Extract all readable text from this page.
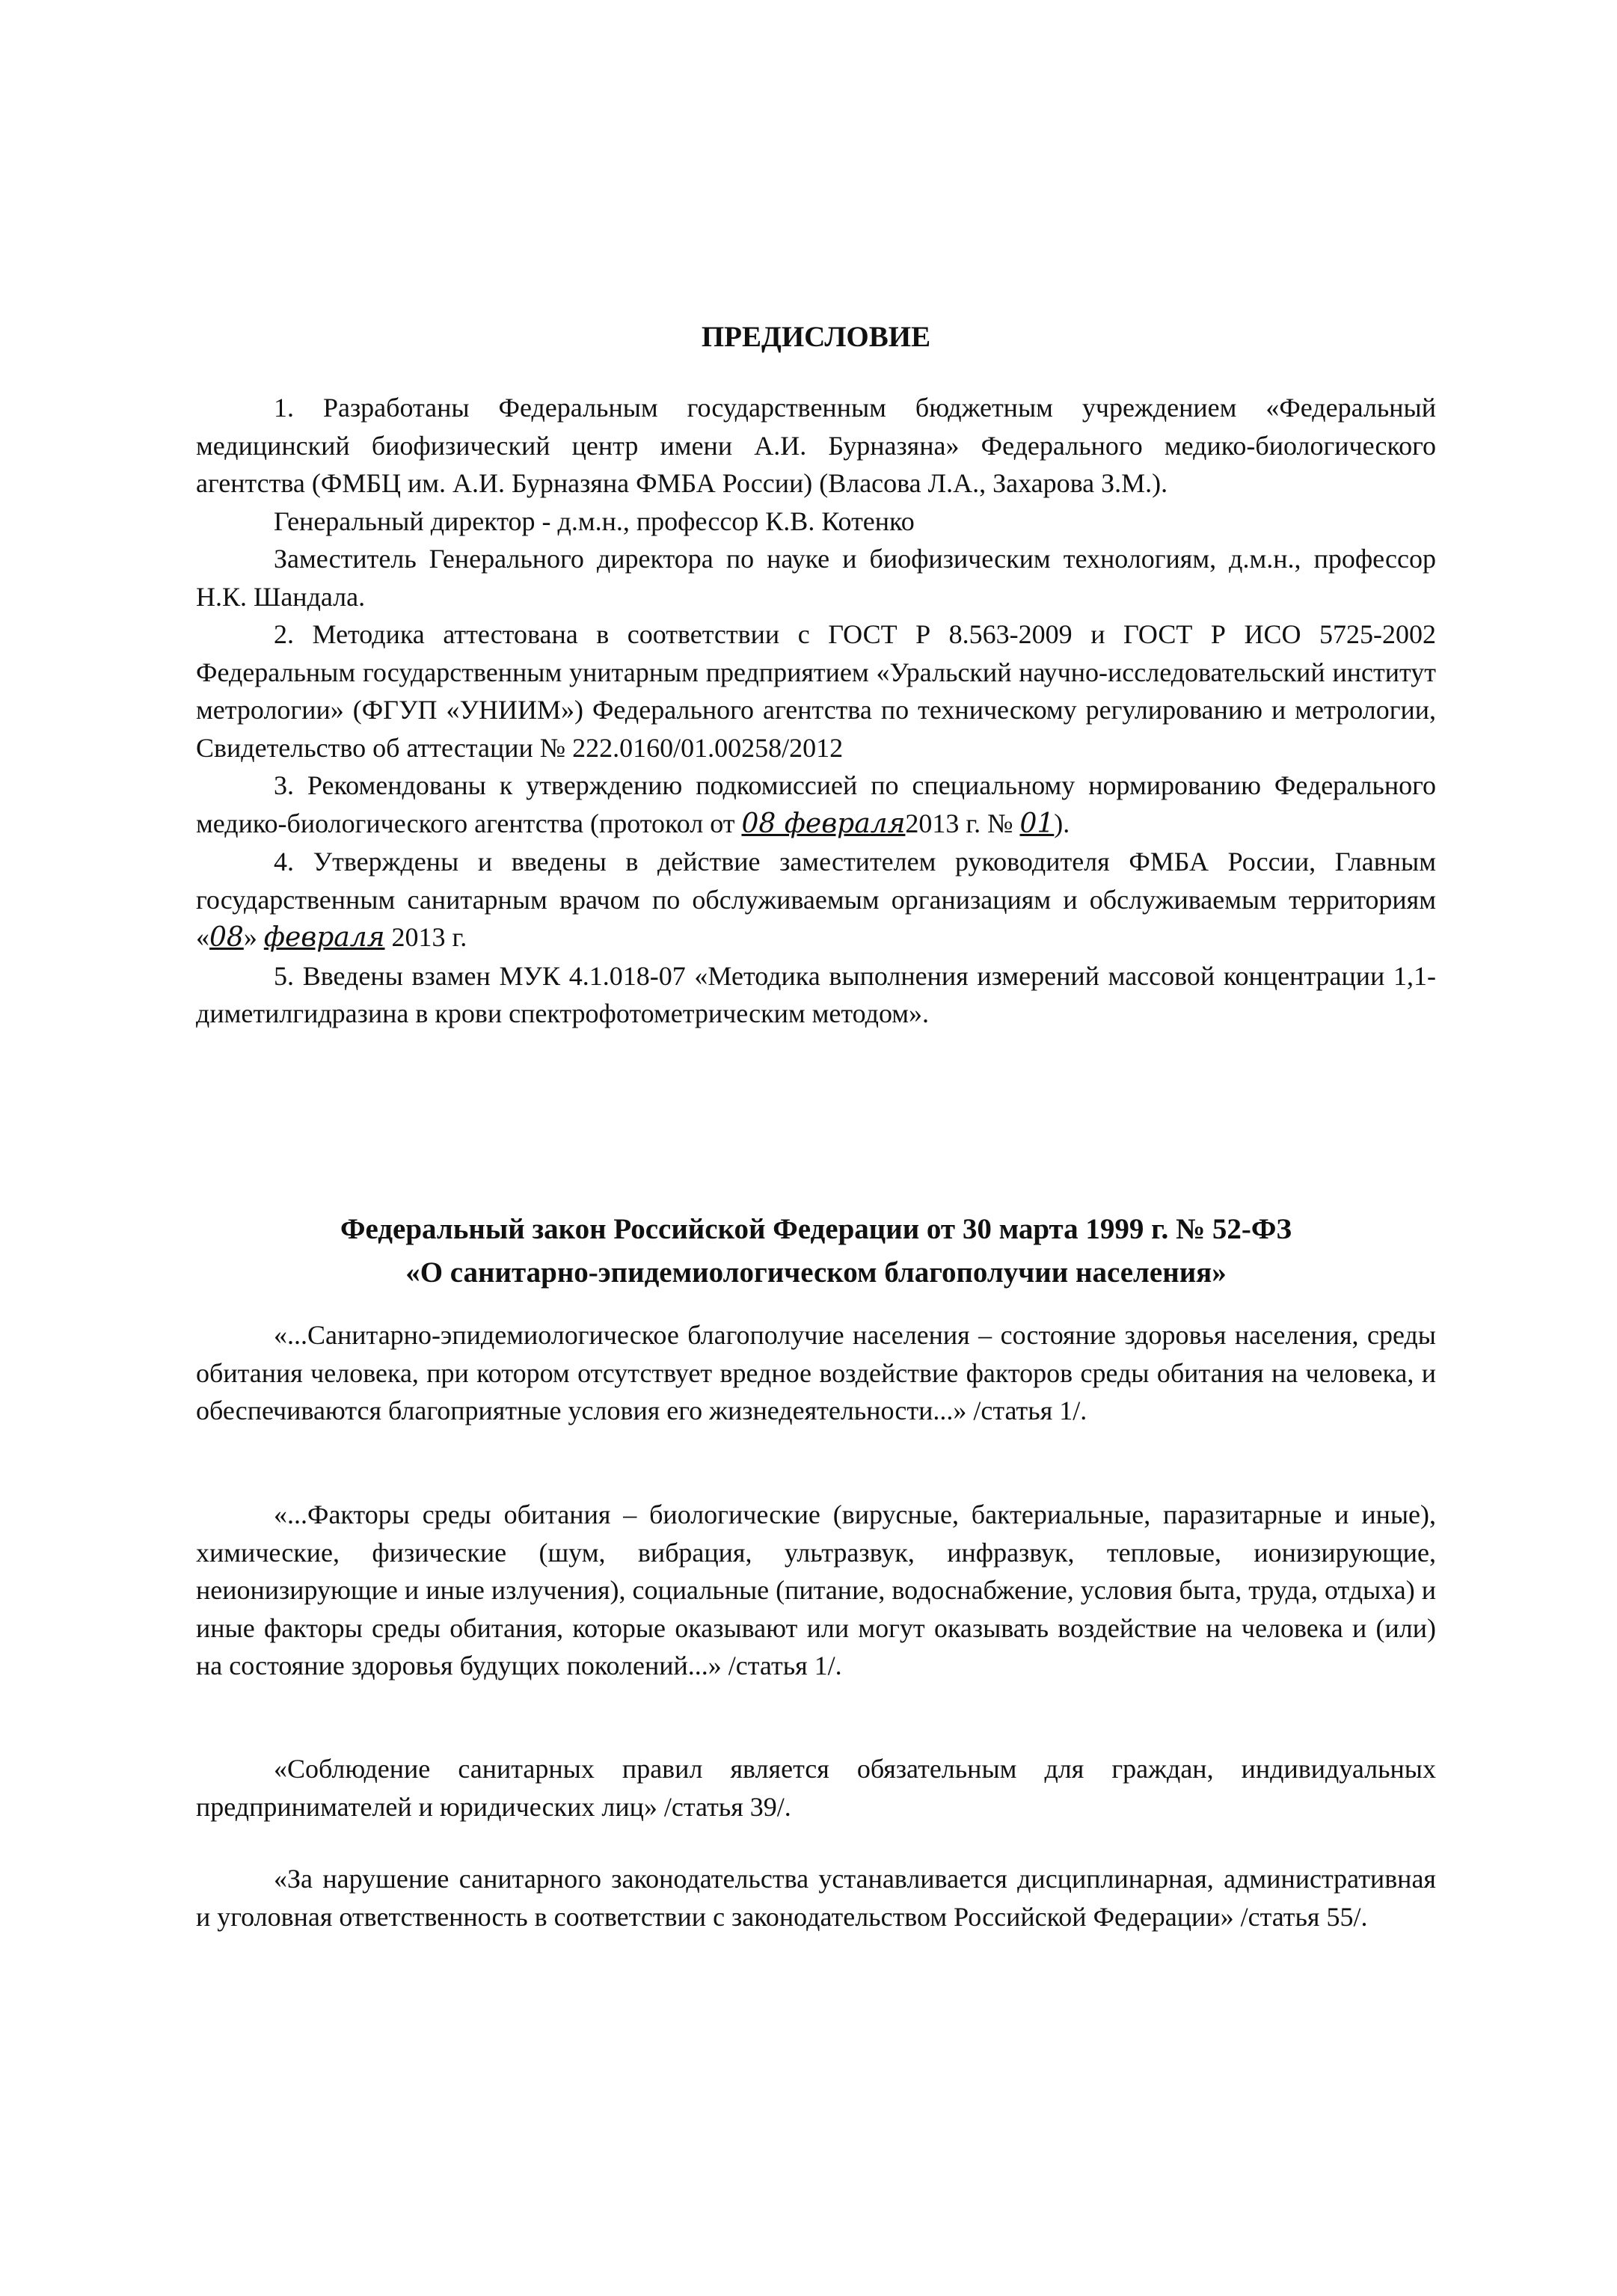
ПРЕДИСЛОВИЕ

1. Разработаны Федеральным государственным бюджетным учреждением «Федеральный медицинский биофизический центр имени А.И. Бурназяна» Федерального медико-биологического агентства (ФМБЦ им. А.И. Бурназяна ФМБА России) (Власова Л.А., Захарова З.М.).

Генеральный директор - д.м.н., профессор К.В. Котенко

Заместитель Генерального директора по науке и биофизическим технологиям, д.м.н., профессор Н.К. Шандала.

2. Методика аттестована в соответствии с ГОСТ Р 8.563-2009 и ГОСТ Р ИСО 5725-2002 Федеральным государственным унитарным предприятием «Уральский научно-исследовательский институт метрологии» (ФГУП «УНИИМ») Федерального агентства по техническому регулированию и метрологии, Свидетельство об аттестации № 222.0160/01.00258/2012

3. Рекомендованы к утверждению подкомиссией по специальному нормированию Федерального медико-биологического агентства (протокол от 08 февраля2013 г. № 01).

4. Утверждены и введены в действие заместителем руководителя ФМБА России, Главным государственным санитарным врачом по обслуживаемым организациям и обслуживаемым территориям «08» февраля 2013 г.

5. Введены взамен МУК 4.1.018-07 «Методика выполнения измерений массовой концентрации 1,1-диметилгидразина в крови спектрофотометрическим методом».

Федеральный закон Российской Федерации от 30 марта 1999 г. № 52-ФЗ
«О санитарно-эпидемиологическом благополучии населения»

«...Санитарно-эпидемиологическое благополучие населения – состояние здоровья населения, среды обитания человека, при котором отсутствует вредное воздействие факторов среды обитания на человека, и обеспечиваются благоприятные условия его жизнедеятельности...» /статья 1/.

«...Факторы среды обитания – биологические (вирусные, бактериальные, паразитарные и иные), химические, физические (шум, вибрация, ультразвук, инфразвук, тепловые, ионизирующие, неионизирующие и иные излучения), социальные (питание, водоснабжение, условия быта, труда, отдыха) и иные факторы среды обитания, которые оказывают или могут оказывать воздействие на человека и (или) на состояние здоровья будущих поколений...» /статья 1/.

«Соблюдение санитарных правил является обязательным для граждан, индивидуальных предпринимателей и юридических лиц» /статья 39/.

«За нарушение санитарного законодательства устанавливается дисциплинарная, административная и уголовная ответственность в соответствии с законодательством Российской Федерации» /статья 55/.
